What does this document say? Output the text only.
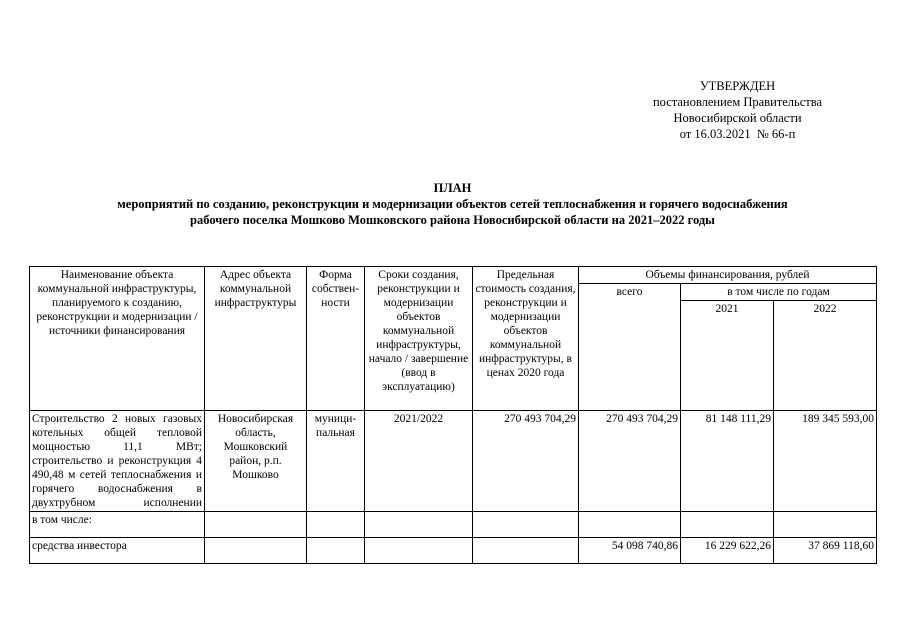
УТВЕРЖДЕН
постановлением Правительства
Новосибирской области
от 16.03.2021  № 66-п
ПЛАН
мероприятий по созданию, реконструкции и модернизации объектов сетей теплоснабжения и горячего водоснабжения
рабочего поселка Мошково Мошковского района Новосибирской области на 2021–2022 годы
Наименование объекта коммунальной инфраструктуры, планируемого к созданию, реконструкции и модернизации / источники финансирования	Адрес объекта коммунальной инфраструктуры	Форма собствен-ности	Сроки создания, реконструкции и модернизации объектов коммунальной инфраструктуры, начало / завершение (ввод в эксплуатацию)	Предельная стоимость создания, реконструкции и модернизации объектов коммунальной инфраструктуры, в ценах 2020 года	Объемы финансирования, рублей		
					всего	в том числе по годам	
						2021	2022
Строительство 2 новых газовых котельных общей тепловой мощностью 11,1 МВт; строительство и реконструкция 4 490,48 м сетей теплоснабжения и горячего водоснабжения в двухтрубном исполнении	Новосибирская область, Мошковский район, р.п. Мошково	муници-пальная	2021/2022	270 493 704,29	270 493 704,29	81 148 111,29	189 345 593,00
в том числе:							
средства инвестора					54 098 740,86	16 229 622,26	37 869 118,60
